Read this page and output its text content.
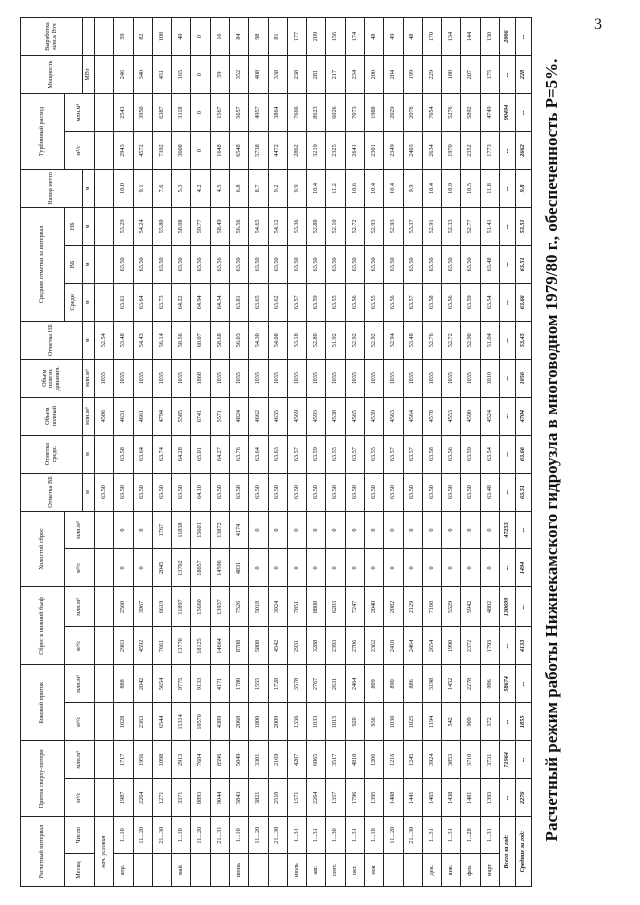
3
Расчетный режим работы Нижнекамского гидроузла в многоводном 1979/80 г., обеспеченность Р=5%.
Расчетный интервал		Приток сверху-потери		Боковой приток		Сброс в нижний бьеф		Холостой сброс		Отметка ВБ	Отметка средн.	Объем полный	Объем полезн. динамич.	Отметка НБ	Средние отметки за интервал			Напор нетто	Турбинный расход		Мощность	Выработка млн.к Втч
Месяц	Число	м³/с	млн.м³	м³/с	млн.м³	м³/с	млн.м³	м³/с	млн.м³						Средн	ВБ	НБ		м³/с	млн.м³		
										м	м	млн.м³	млн.м³	м	м	м	м	м			МВт	
нач. условия										63.50		4586	1035	52.54								
апр.	1...10	1987	1717	1028	888	2963	2560	0	0	63.50	63.58	4631	1035	53.48	63.61	63.50	53.29	10.0	2943	2543	246	59
	11...20	2264	1956	2363	2042	4592	3967	0	0	63.50	63.64	4661	1035	54.43	63.64	63.50	54.24	9.1	4572	3950	340	82
	21...30	1271	1098	6544	5654	7661	6619	2045	1767	63.50	63.74	4794	1035	56.14	63.73	63.50	55.80	7.6	7392	6387	451	108
май	1...10	3371	2913	11314	9775	13770	11897	13702	11838	63.50	64.28	5585	1035	58.56	64.22	63.50	58.08	5.3	3608	3118	165	40
	11...20	8893	7684	10570	9133	18125	15660	18057	15601	64.10	65.01	6741	1868	60.07	64.94	63.50	59.77	4.2	0	0	0	0
	21...31	9044	8596	4389	4171	14664	13937	14596	13872	63.50	64.27	5571	1035	58.68	64.34	63.56	58.49	4.5	1648	1567	59	16
июнь	1...10	5843	5049	2060	1780	8708	7526	4831	4174	63.50	63.76	4824	1035	56.03	63.81	63.50	56.56	6.8	6548	5657	352	84
	11...20	3821	3301	1800	1555	5808	5018	0	0	63.50	63.64	4662	1035	54.30	63.65	63.50	54.65	8.7	5738	4957	408	98
	21...30	2510	2169	2009	1728	4542	3924	0	0	63.50	63.63	4635	1035	54.08	63.62	63.50	54.12	9.2	4472	3864	338	81
июль	1...31	1571	4207	1336	3578	2931	7851	0	0	63.50	63.57	4569	1035	53.18	63.57	63.50	53.36	9.9	2862	7666	238	177
авг.	1...31	2264	6065	1033	2767	3288	8808	0	0	63.50	63.59	4593	1035	52.80	63.59	63.50	52.88	10.4	3219	8623	281	209
сент.	1...30	1357	3517	1015	2631	2393	6203	0	0	63.50	63.55	4538	1035	51.92	63.55	63.50	52.10	11.2	2325	6026	217	156
окт.	1...31	1796	4810	920	2464	2706	7247	0	0	63.50	63.57	4565	1035	52.92	63.56	63.50	52.72	10.6	2641	7073	234	174
ноя	1...10	1395	1206	936	809	2362	2040	0	0	63.50	63.55	4539	1035	52.92	63.55	63.50	52.93	10.4	2301	1988	200	48
	11...20	1408	1216	1030	890	2410	2082	0	0	63.50	63.57	4563	1035	52.94	63.56	63.50	52.93	10.4	2349	2029	204	49
	21...30	1441	1245	1025	886	2464	2129	0	0	63.50	63.57	4564	1035	53.48	63.57	63.50	53.37	9.9	2403	2076	199	48
дек.	1...31	1465	3924	1194	3198	2654	7108	0	0	63.50	63.58	4578	1035	52.76	63.58	63.50	52.91	10.4	2634	7054	229	170
янв.	1...31	1438	3853	542	1452	1990	5329	0	0	63.50	63.56	4553	1035	52.72	63.56	63.50	52.33	10.9	1970	5276	180	134
фев.	1...28	1481	3710	909	2278	2372	5942	0	0	63.50	63.59	4590	1035	52.90	63.59	63.50	52.77	10.5	2352	5892	207	144
март	1...31	1393	3731	372	996	1793	4802	0	0	63.48	63.54	4524	1010	51.04	63.54	63.48	51.41	11.8	1773	4749	175	130
Всего за год:		...	71964	...	58674	...	130699	...	47253	...	...	...	...	...	...	...	...	...	...	90494	...	2006
Средние за год:		2276	...	1855	...	4133	...	1494	...	63.51	63.66	4704	1056	53.45	63.66	63.51	53.51	9.8	2662	...	228	...
